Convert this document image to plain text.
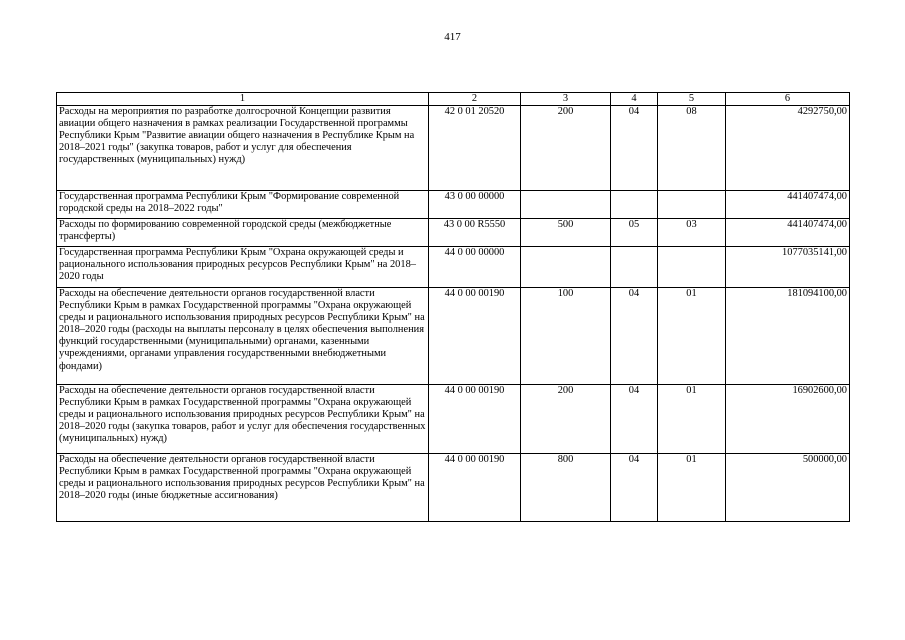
417
1	2	3	4	5	6
Расходы на мероприятия по разработке долгосрочной Концепции развития авиации общего назначения в рамках реализации Государственной программы Республики Крым "Развитие авиации общего назначения в Республике Крым на 2018–2021 годы" (закупка товаров, работ и услуг для обеспечения государственных (муниципальных) нужд)	42 0 01 20520	200	04	08	4292750,00
Государственная программа Республики Крым "Формирование современной городской среды на 2018–2022 годы"	43 0 00 00000				441407474,00
Расходы по формированию современной городской среды (межбюджетные трансферты)	43 0 00 R5550	500	05	03	441407474,00
Государственная программа Республики Крым "Охрана окружающей среды и рационального использования природных ресурсов Республики Крым" на 2018–2020 годы	44 0 00 00000				1077035141,00
Расходы на обеспечение деятельности органов государственной власти Республики Крым в рамках Государственной программы "Охрана окружающей среды и рационального использования природных ресурсов Республики Крым" на 2018–2020 годы (расходы на выплаты персоналу в целях обеспечения выполнения функций государственными (муниципальными) органами, казенными учреждениями, органами управления государственными внебюджетными фондами)	44 0 00 00190	100	04	01	181094100,00
Расходы на обеспечение деятельности органов государственной власти Республики Крым в рамках Государственной программы "Охрана окружающей среды и рационального использования природных ресурсов Республики Крым" на 2018–2020 годы (закупка товаров, работ и услуг для обеспечения государственных (муниципальных) нужд)	44 0 00 00190	200	04	01	16902600,00
Расходы на обеспечение деятельности органов государственной власти Республики Крым в рамках Государственной программы "Охрана окружающей среды и рационального использования природных ресурсов Республики Крым" на 2018–2020 годы (иные бюджетные ассигнования)	44 0 00 00190	800	04	01	500000,00
